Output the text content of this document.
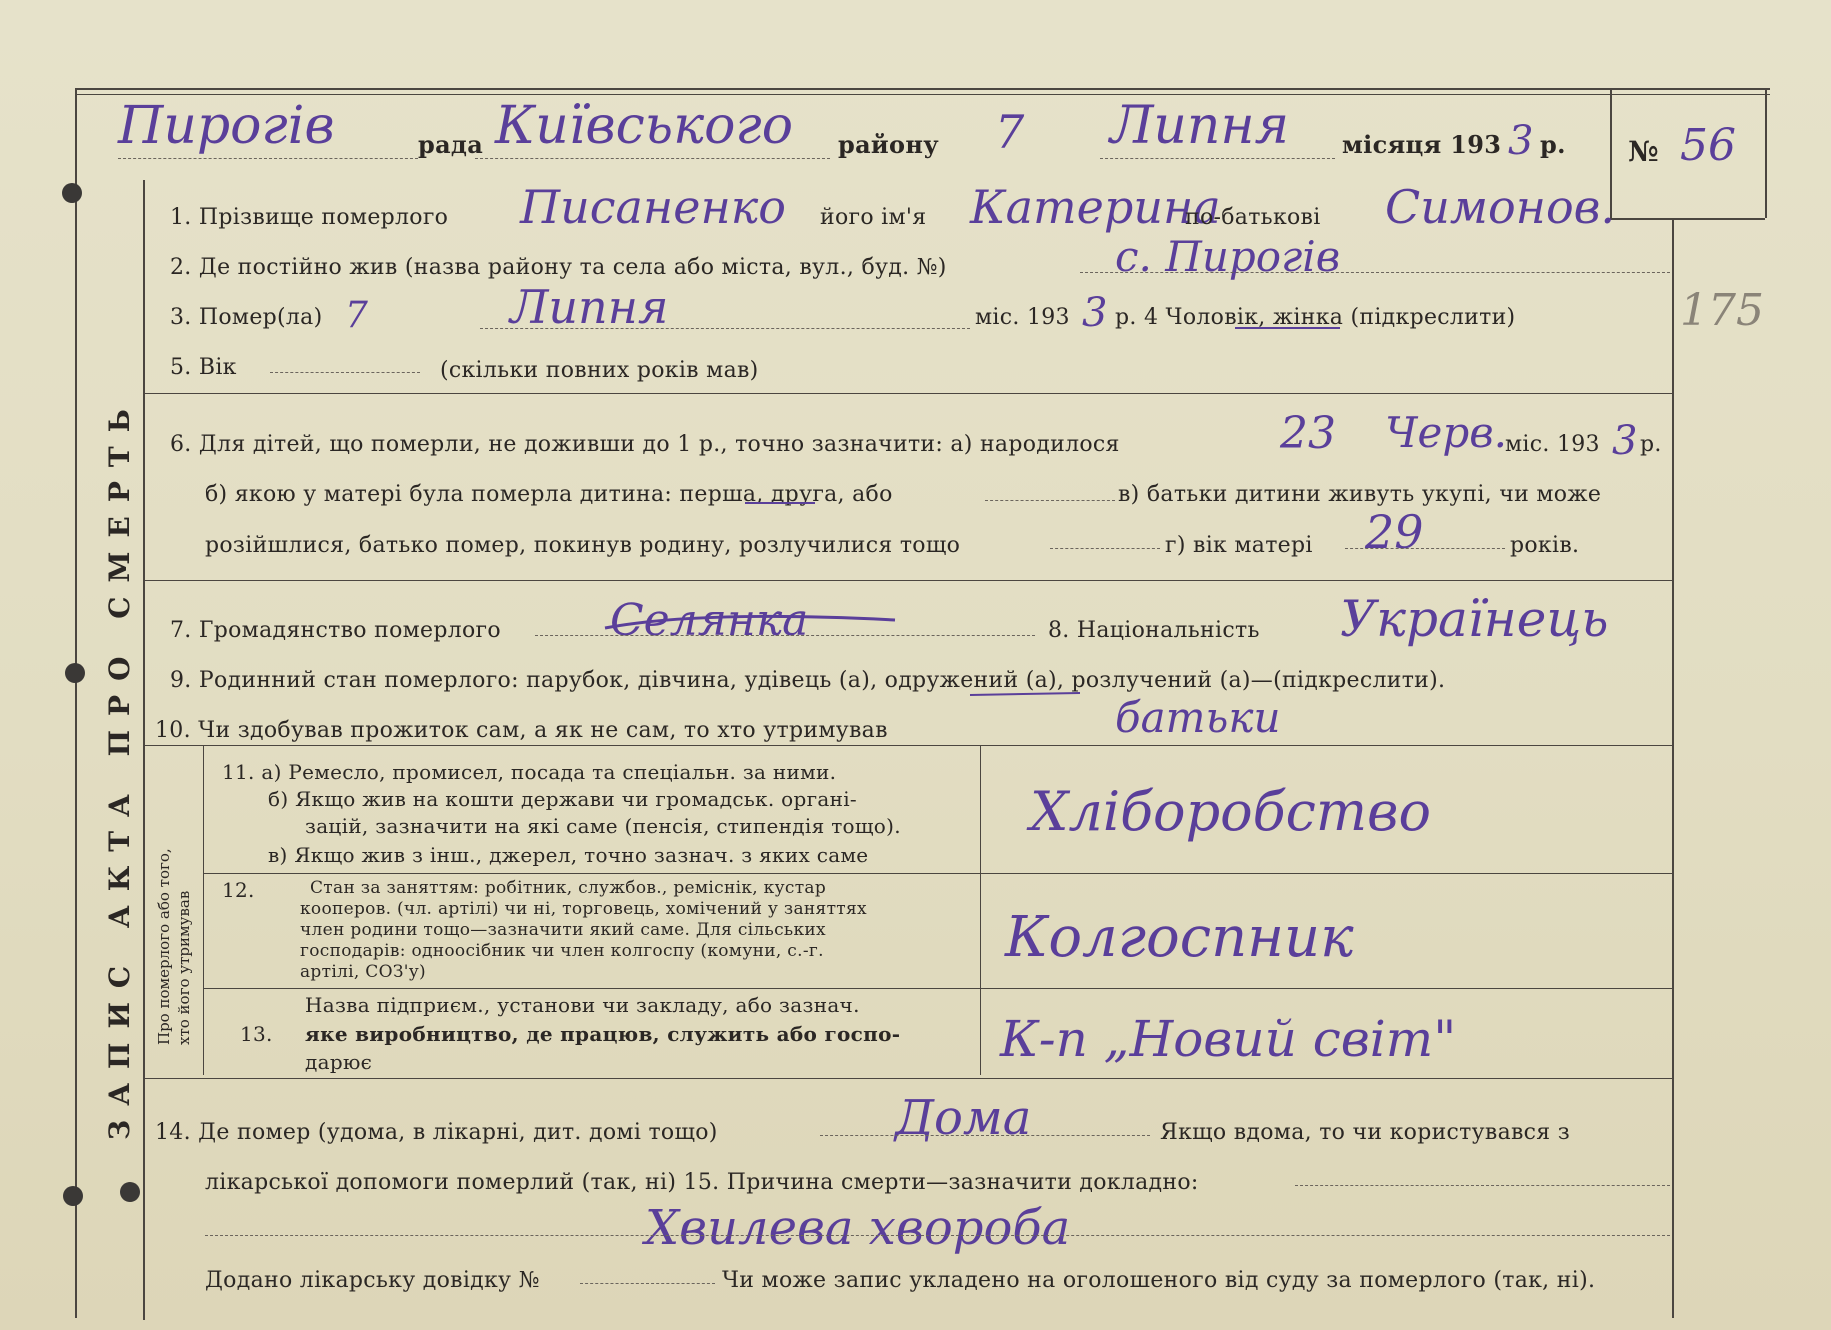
Пирогів	рада Київського району 7 Липня місяця 193 3 р. № 56
175
ЗАПИС АКТА ПРО СМЕРТЬ Про померлого або того, хто його утримував
1. Прізвище померлого Писаненко його ім'я Катерина
по-батькові Симонов.
2. Де постійно жив (назва району та села або міста, вул., буд. №)	с. Пирогів
3. Помер(ла) 7	Липня	міс. 193 3 р. 4 Чоловік, жінка (підкреслити)
5. Вік	(скільки повних років мав)
6. Для дітей, що померли, не доживши до 1 р., точно зазначити: а) народилося	23 Черв.
міс. 193 3 р.
б) якою у матері була померла дитина: перша, друга, або	в) батьки дитини живуть укупі, чи може
розійшлися, батько помер, покинув родину, розлучилися тощо	г) вік матері 29	років.
7. Громадянство померлого Селянка	8. Національність Українець
9. Родинний стан померлого: парубок, дівчина, удівець (а), одружений (а), розлучений (а)—(підкреслити).
10. Чи здобував прожиток сам, а як не сам, то хто утримував	батьки
11. а) Ремесло, промисел, посада та спеціальн. за ними.
б) Якщо жив на кошти держави чи громадськ. органі-
зацій, зазначити на які саме (пенсія, стипендія тощо).
в) Якщо жив з інш., джерел, точно зазнач. з яких саме
Хліборобство
12.	Стан за заняттям: робітник, службов., реміснік, кустар
кооперов. (чл. артілі) чи ні, торговець, хомічений у заняттях
член родини тощо—зазначити який саме. Для сільських
господарів: одноосібник чи член колгоспу (комуни, с.-г.
артілі, СОЗ'у)
Колгоспник
13.
Назва підприєм., установи чи закладу, або зазнач.
яке виробництво, де працюв, служить або госпо-
дарює	К-п „Новий світ"
14. Де помер (удома, в лікарні, дит. домі тощо)	Дома	Якщо вдома, то чи користувався з
лікарської допомоги померлий (так, ні) 15. Причина смерти—зазначити докладно:
Хвилева хвороба
Додано лікарську довідку №	Чи може запис укладено на оголошеного від суду за померлого (так, ні).
